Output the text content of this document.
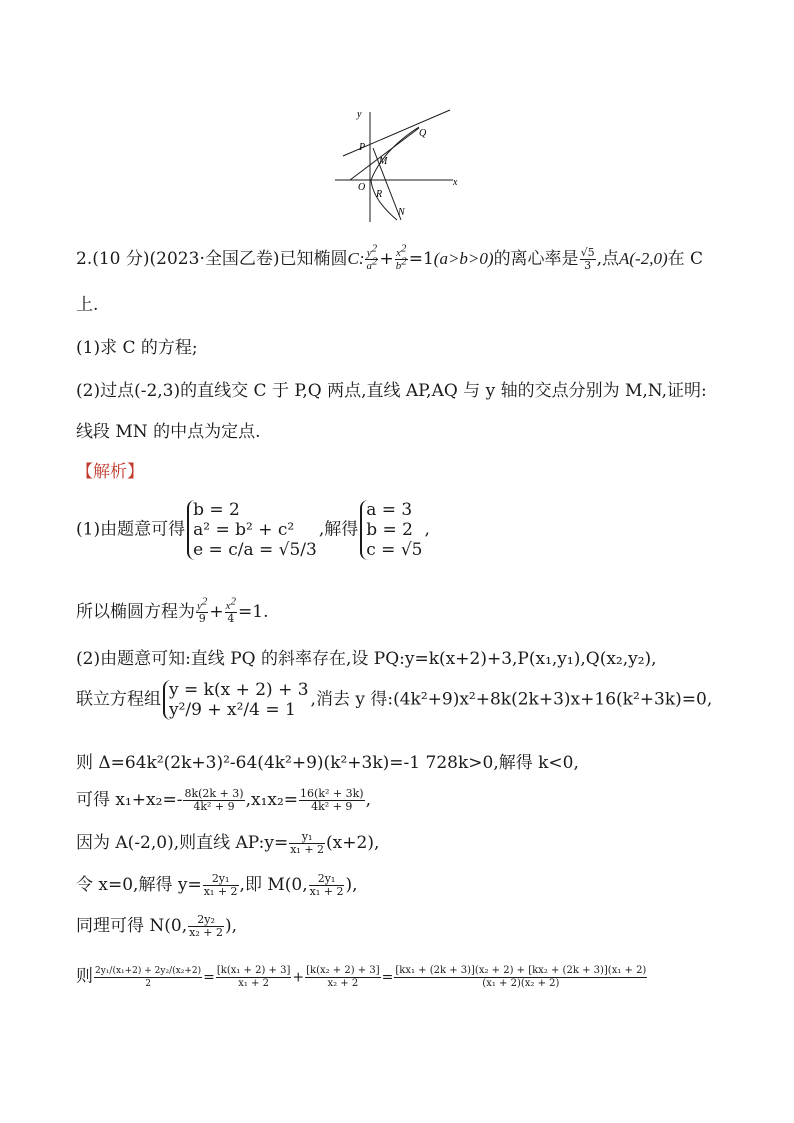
y
x
O
P
Q
M
R
N
2.(10 分)(2023·全国乙卷)已知椭圆C: $\frac{y2}{a2} + \frac{x2}{b2} =1(a>b>0)$的离心率是 $\frac{√5}{3}$ ,点A(-2,0)在 C
上.
(1)求 C 的方程;
(2)过点(-2,3)的直线交 C 于 P,Q 两点,直线 AP,AQ 与 y 轴的交点分别为 M,N,证明:
线段 MN 的中点为定点.
【解析】
(1)由题意可得
b = 2
a² = b² + c²
e = c/a = √5/3
,解得
a = 3
b = 2
c = √5
,
所以椭圆方程为 $\frac{y2}{9} + \frac{x2}{4} =1$.
(2)由题意可知:直线 PQ 的斜率存在,设 PQ:y=k(x+2)+3,P(x₁,y₁),Q(x₂,y₂),
联立方程组 y = k(x + 2) + 3
y²/9 + x²/4 = 1
,消去 y 得:(4k²+9)x²+8k(2k+3)x+16(k²+3k)=0,
则 Δ=64k²(2k+3)²-64(4k²+9)(k²+3k)=-1 728k>0,解得 k<0,
可得 $x_1+x_2=- \frac{8k(2k + 3)}{\text{4k² + 9}} ,x_1x_2= \frac{\text{16(k² + 3k)}}{\text{4k² + 9}}$ ,
因为 A(-2,0),则直线 AP:y= $\frac{\text{y₁}}{\text{x₁ + 2}} (x+2)$,
令 x=0,解得 $y= \frac{\text{2y₁}}{\text{x₁ + 2}}$ ,即 M(0, $\frac{\text{2y₁}}{\text{x₁ + 2}}$ ),
同理可得 N(0, $\frac{\text{2y₂}}{\text{x₂ + 2}}$ ),
则 $\frac{\text{2y₁/(x₁+2) + 2y₂/(x₂+2)}}{2} = \frac{\text{[k(x₁ + 2) + 3]}}{\text{x₁ + 2}} + \frac{\text{[k(x₂ + 2) + 3]}}{\text{x₂ + 2}} = \frac{\text{[kx₁ + (2k + 3)](x₂ + 2) + [kx₂ + (2k + 3)](x₁ + 2)}}{\text{(x₁ + 2)(x₂ + 2)}}$
